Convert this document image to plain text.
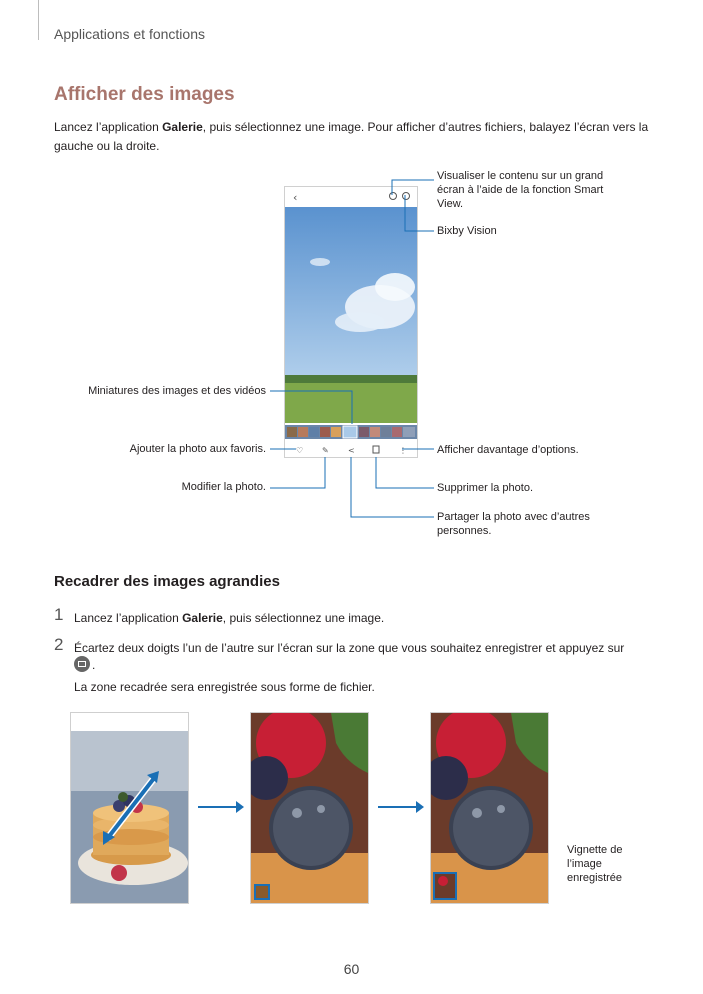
Applications et fonctions
Afficher des images
Lancez l’application Galerie, puis sélectionnez une image. Pour afficher d’autres fichiers, balayez l’écran vers la gauche ou la droite.
‹
♡ ✎ <	⋮
Visualiser le contenu sur un grand écran à l’aide de la fonction Smart View.
Bixby Vision
Miniatures des images et des vidéos
Ajouter la photo aux favoris.	Afficher davantage d’options.
Modifier la photo.	Supprimer la photo.
Partager la photo avec d’autres personnes.
Recadrer des images agrandies
1 Lancez l’application Galerie, puis sélectionnez une image.
2 Écartez deux doigts l’un de l’autre sur l’écran sur la zone que vous souhaitez enregistrer et appuyez sur
.
La zone recadrée sera enregistrée sous forme de fichier.
Vignette de l’image enregistrée
60
